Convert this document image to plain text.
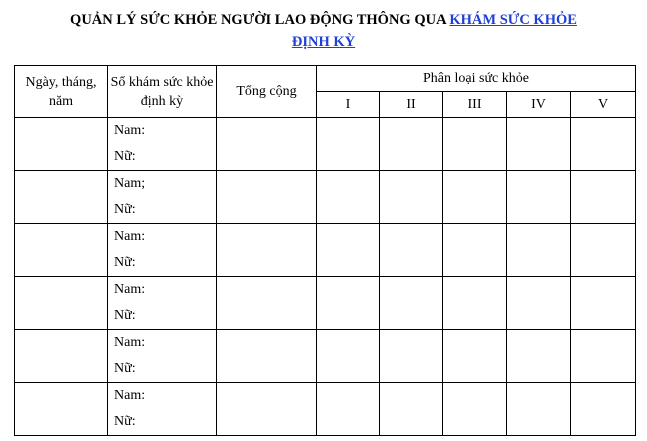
QUẢN LÝ SỨC KHỎE NGƯỜI LAO ĐỘNG THÔNG QUA KHÁM SỨC KHỎE
ĐỊNH KỲ
Ngày, tháng, năm	Sổ khám sức khỏe định kỳ	Tổng cộng	Phân loại sức khỏe				
			I	II	III	IV	V

	Nam:
Nữ:						

	Nam;
Nữ:						

	Nam:
Nữ:						

	Nam:
Nữ:						

	Nam:
Nữ:						

	Nam:
Nữ:						
